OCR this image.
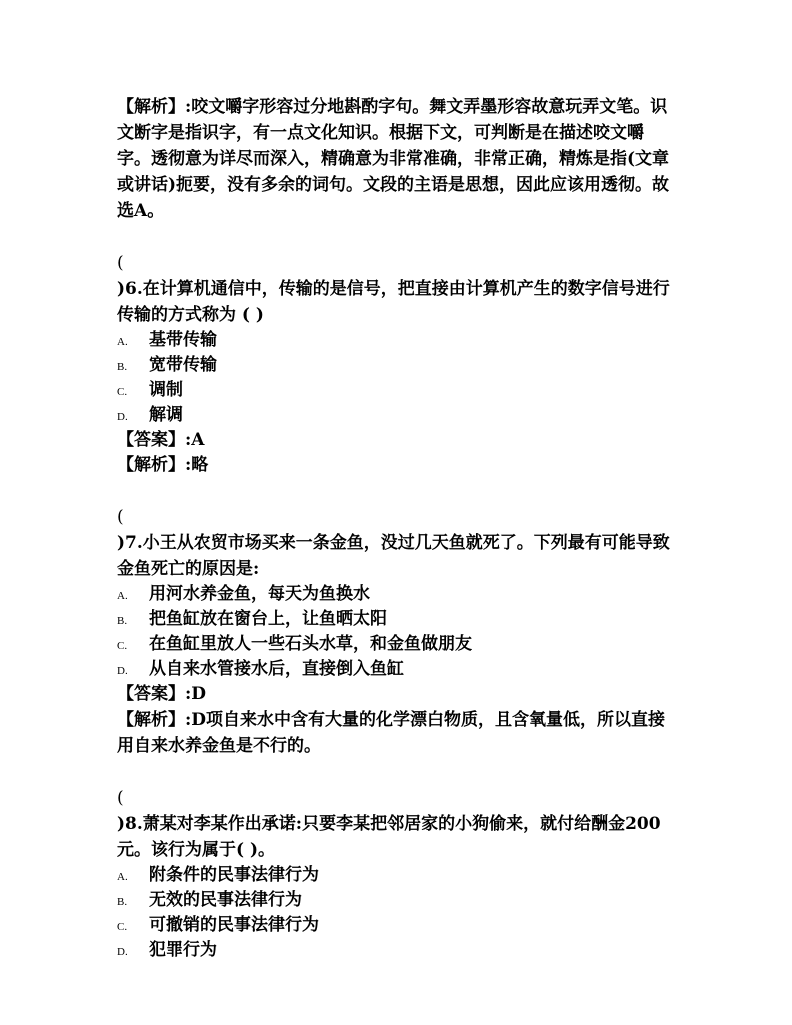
【解析】:咬文嚼字形容过分地斟酌字句。舞文弄墨形容故意玩弄文笔。识文断字是指识字，有一点文化知识。根据下文，可判断是在描述咬文嚼字。透彻意为详尽而深入，精确意为非常准确，非常正确，精炼是指(文章或讲话)扼要，没有多余的词句。文段的主语是思想，因此应该用透彻。故选A。

(

)6.在计算机通信中，传输的是信号，把直接由计算机产生的数字信号进行传输的方式称为 ( )

A.	基带传输
B.	宽带传输
C.	调制
D.	解调
【答案】:A
【解析】:略
(

)7.小王从农贸市场买来一条金鱼，没过几天鱼就死了。下列最有可能导致金鱼死亡的原因是:

A.	用河水养金鱼，每天为鱼换水
B.	把鱼缸放在窗台上，让鱼晒太阳
C.	在鱼缸里放人一些石头水草，和金鱼做朋友
D.	从自来水管接水后，直接倒入鱼缸
【答案】:D

【解析】:D项自来水中含有大量的化学漂白物质，且含氧量低，所以直接用自来水养金鱼是不行的。

(

)8.萧某对李某作出承诺:只要李某把邻居家的小狗偷来，就付给酬金200元。该行为属于( )。

A.	附条件的民事法律行为
B.	无效的民事法律行为
C.	可撤销的民事法律行为
D.	犯罪行为
